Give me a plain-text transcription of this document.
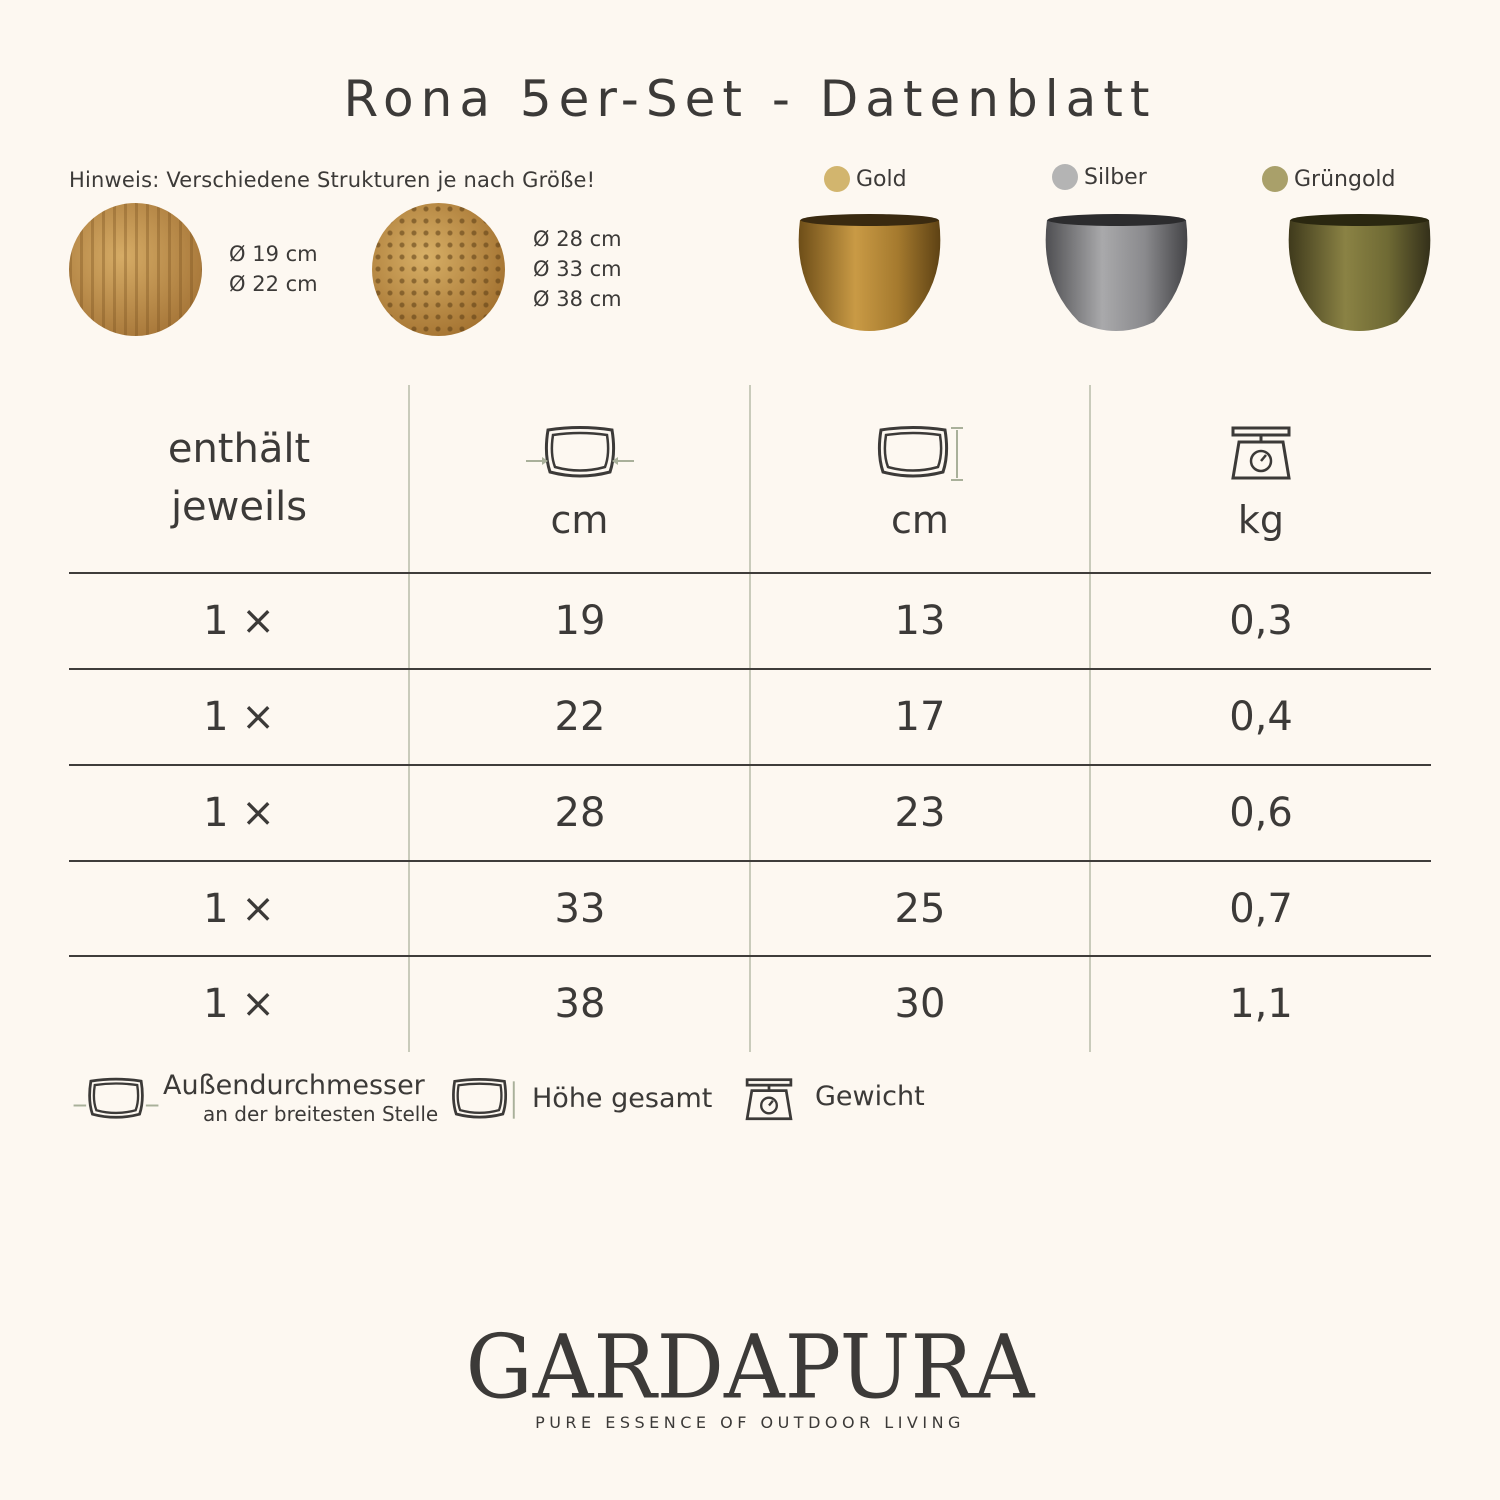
Rona 5er-Set - Datenblatt
Hinweis: Verschiedene Strukturen je nach Größe!
Ø 19 cm
Ø 22 cm
Ø 28 cm
Ø 33 cm
Ø 38 cm
Gold	Silber	Grüngold
enthält
jeweils	cm	cm	kg
1 ×	19	13	0,3
1 ×	22	17	0,4
1 ×	28	23	0,6
1 ×	33	25	0,7
1 ×	38	30	1,1
Außendurchmesser
an der breitesten Stelle	Höhe gesamt	Gewicht
GARDAPURA
PURE ESSENCE OF OUTDOOR LIVING
